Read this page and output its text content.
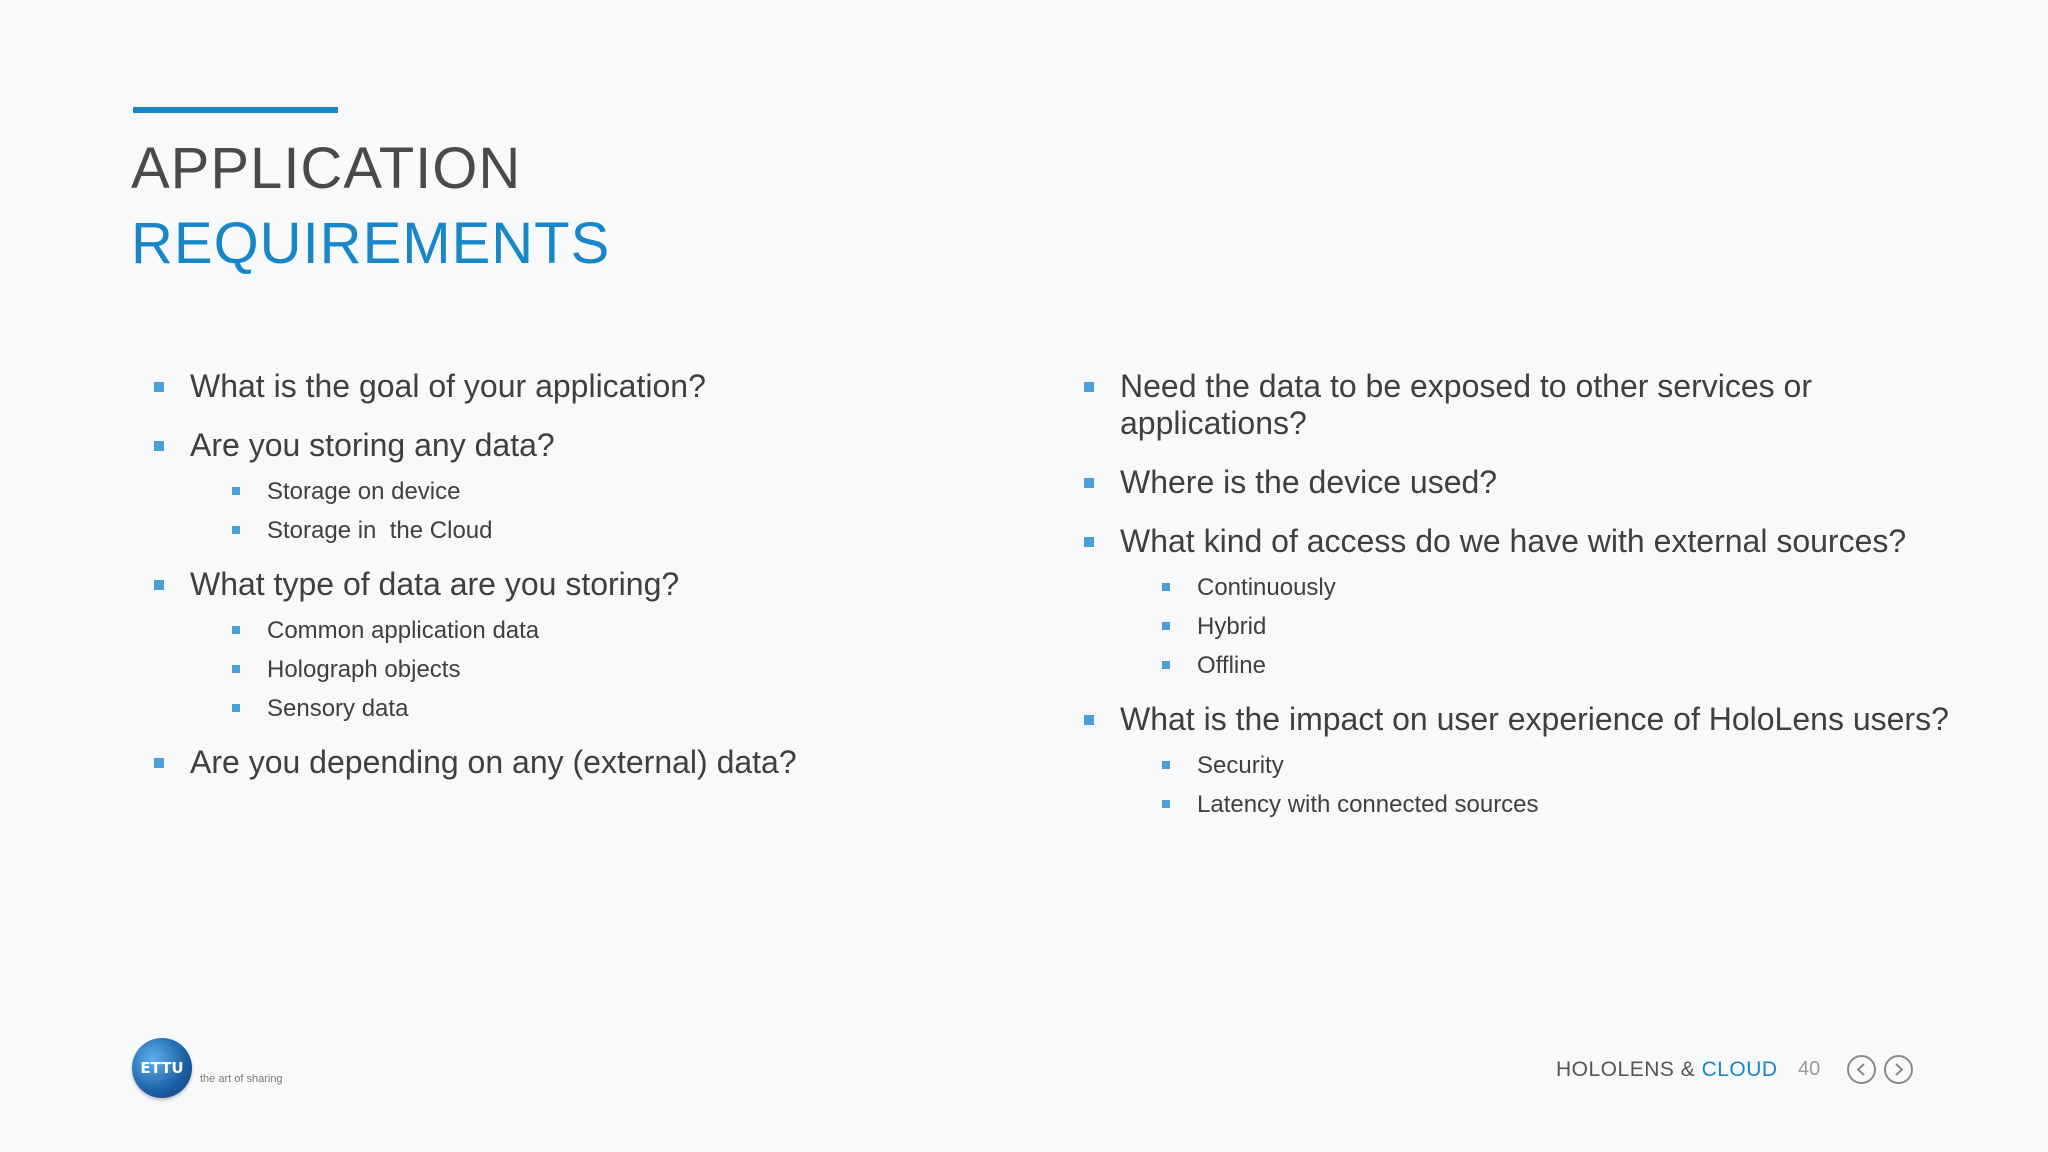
APPLICATION
REQUIREMENTS
What is the goal of your application?
Are you storing any data?
Storage on device
Storage in  the Cloud
What type of data are you storing?
Common application data
Holograph objects
Sensory data
Are you depending on any (external) data?
Need the data to be exposed to other services or applications?
Where is the device used?
What kind of access do we have with external sources?
Continuously
Hybrid
Offline
What is the impact on user experience of HoloLens users?
Security
Latency with connected sources
ETTU
the art of sharing	HOLOLENS & CLOUD 40
